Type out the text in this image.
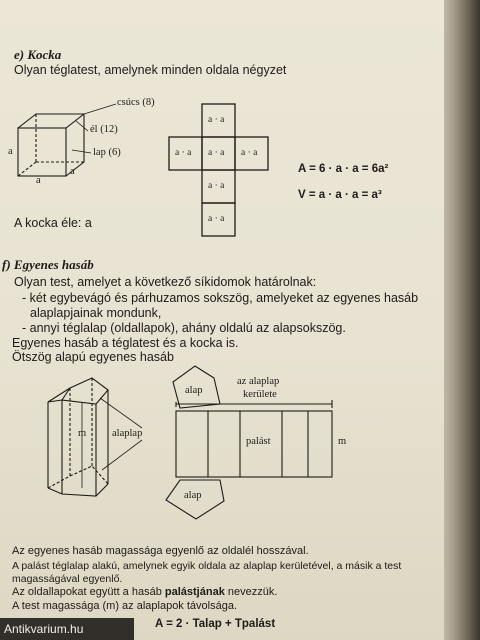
e) Kocka
Olyan téglatest, amelynek minden oldala négyzet
csúcs (8)
él (12)
lap (6)
a
a
a
a · a
a · a a · a a · a
a · a
a · a
A = 6 · a · a = 6a²
V = a · a · a = a³
A kocka éle: a
f) Egyenes hasáb
Olyan test, amelyet a következő síkidomok határolnak:
- két egybevágó és párhuzamos sokszög, amelyeket az egyenes hasáb
alaplapjainak mondunk,
- annyi téglalap (oldallapok), ahány oldalú az alapsokszög.
Egyenes hasáb a téglatest és a kocka is.
Ötszög alapú egyenes hasáb
m alaplap
alap
alap
az alaplap
kerülete
palást	m
Az egyenes hasáb magassága egyenlő az oldalél hosszával.
A palást téglalap alakú, amelynek egyik oldala az alaplap kerületével, a másik a test
magasságával egyenlő.
Az oldallapokat együtt a hasáb palástjának nevezzük.
A test magassága (m) az alaplapok távolsága.
A = 2 · Talap + Tpalást
Antikvarium.hu
